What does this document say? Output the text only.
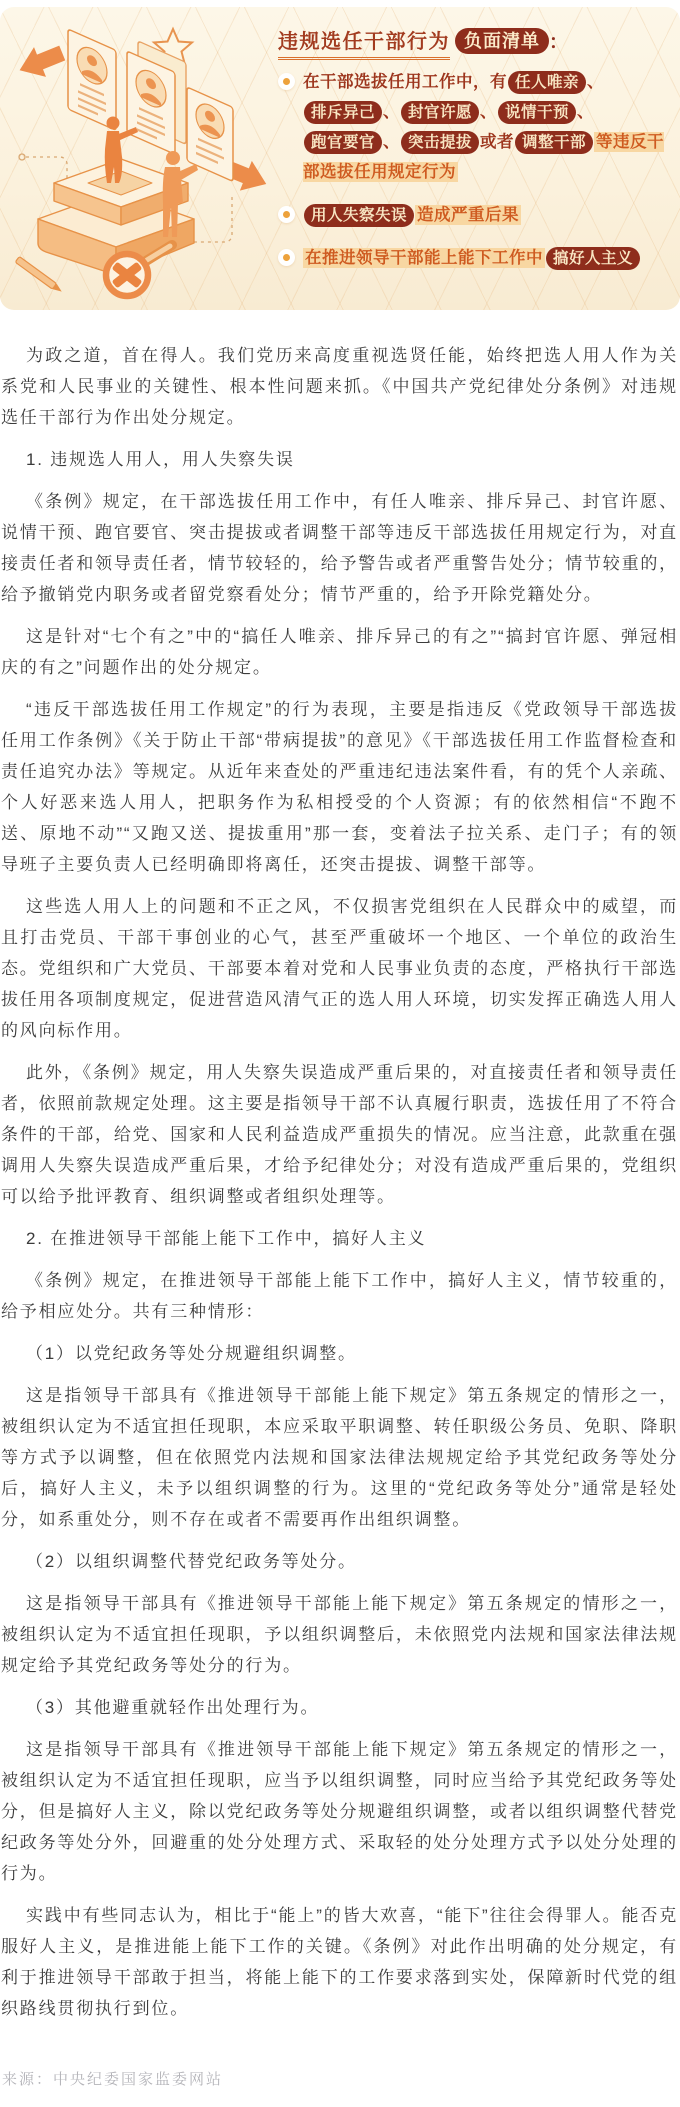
违规选任干部行为 负面清单 ：
在干部选拔任用工作中，有 任人唯亲 、排斥异己 、 封官许愿 、 说情干预 、跑官要官 、 突击提拔 或者 调整干部 等违反干部选拔任用规定行为
用人失察失误 造成严重后果
在推进领导干部能上能下工作中 搞好人主义

为政之道，首在得人。我们党历来高度重视选贤任能，始终把选人用人作为关系党和人民事业的关键性、根本性问题来抓。《中国共产党纪律处分条例》对违规选任干部行为作出处分规定。

1. 违规选人用人，用人失察失误

《条例》规定，在干部选拔任用工作中，有任人唯亲、排斥异己、封官许愿、说情干预、跑官要官、突击提拔或者调整干部等违反干部选拔任用规定行为，对直接责任者和领导责任者，情节较轻的，给予警告或者严重警告处分；情节较重的，给予撤销党内职务或者留党察看处分；情节严重的，给予开除党籍处分。

这是针对“七个有之”中的“搞任人唯亲、排斥异己的有之”“搞封官许愿、弹冠相庆的有之”问题作出的处分规定。

“违反干部选拔任用工作规定”的行为表现，主要是指违反《党政领导干部选拔任用工作条例》《关于防止干部“带病提拔”的意见》《干部选拔任用工作监督检查和责任追究办法》等规定。从近年来查处的严重违纪违法案件看，有的凭个人亲疏、个人好恶来选人用人，把职务作为私相授受的个人资源；有的依然相信“不跑不送、原地不动”“又跑又送、提拔重用”那一套，变着法子拉关系、走门子；有的领导班子主要负责人已经明确即将离任，还突击提拔、调整干部等。

这些选人用人上的问题和不正之风，不仅损害党组织在人民群众中的威望，而且打击党员、干部干事创业的心气，甚至严重破坏一个地区、一个单位的政治生态。党组织和广大党员、干部要本着对党和人民事业负责的态度，严格执行干部选拔任用各项制度规定，促进营造风清气正的选人用人环境，切实发挥正确选人用人的风向标作用。

此外，《条例》规定，用人失察失误造成严重后果的，对直接责任者和领导责任者，依照前款规定处理。这主要是指领导干部不认真履行职责，选拔任用了不符合条件的干部，给党、国家和人民利益造成严重损失的情况。应当注意，此款重在强调用人失察失误造成严重后果，才给予纪律处分；对没有造成严重后果的，党组织可以给予批评教育、组织调整或者组织处理等。

2. 在推进领导干部能上能下工作中，搞好人主义

《条例》规定，在推进领导干部能上能下工作中，搞好人主义，情节较重的，给予相应处分。共有三种情形：

（1）以党纪政务等处分规避组织调整。

这是指领导干部具有《推进领导干部能上能下规定》第五条规定的情形之一，被组织认定为不适宜担任现职，本应采取平职调整、转任职级公务员、免职、降职等方式予以调整，但在依照党内法规和国家法律法规规定给予其党纪政务等处分后，搞好人主义，未予以组织调整的行为。这里的“党纪政务等处分”通常是轻处分，如系重处分，则不存在或者不需要再作出组织调整。

（2）以组织调整代替党纪政务等处分。

这是指领导干部具有《推进领导干部能上能下规定》第五条规定的情形之一，被组织认定为不适宜担任现职，予以组织调整后，未依照党内法规和国家法律法规规定给予其党纪政务等处分的行为。

（3）其他避重就轻作出处理行为。

这是指领导干部具有《推进领导干部能上能下规定》第五条规定的情形之一，被组织认定为不适宜担任现职，应当予以组织调整，同时应当给予其党纪政务等处分，但是搞好人主义，除以党纪政务等处分规避组织调整，或者以组织调整代替党纪政务等处分外，回避重的处分处理方式、采取轻的处分处理方式予以处分处理的行为。

实践中有些同志认为，相比于“能上”的皆大欢喜，“能下”往往会得罪人。能否克服好人主义，是推进能上能下工作的关键。《条例》对此作出明确的处分规定，有利于推进领导干部敢于担当，将能上能下的工作要求落到实处，保障新时代党的组织路线贯彻执行到位。

来源：中央纪委国家监委网站
